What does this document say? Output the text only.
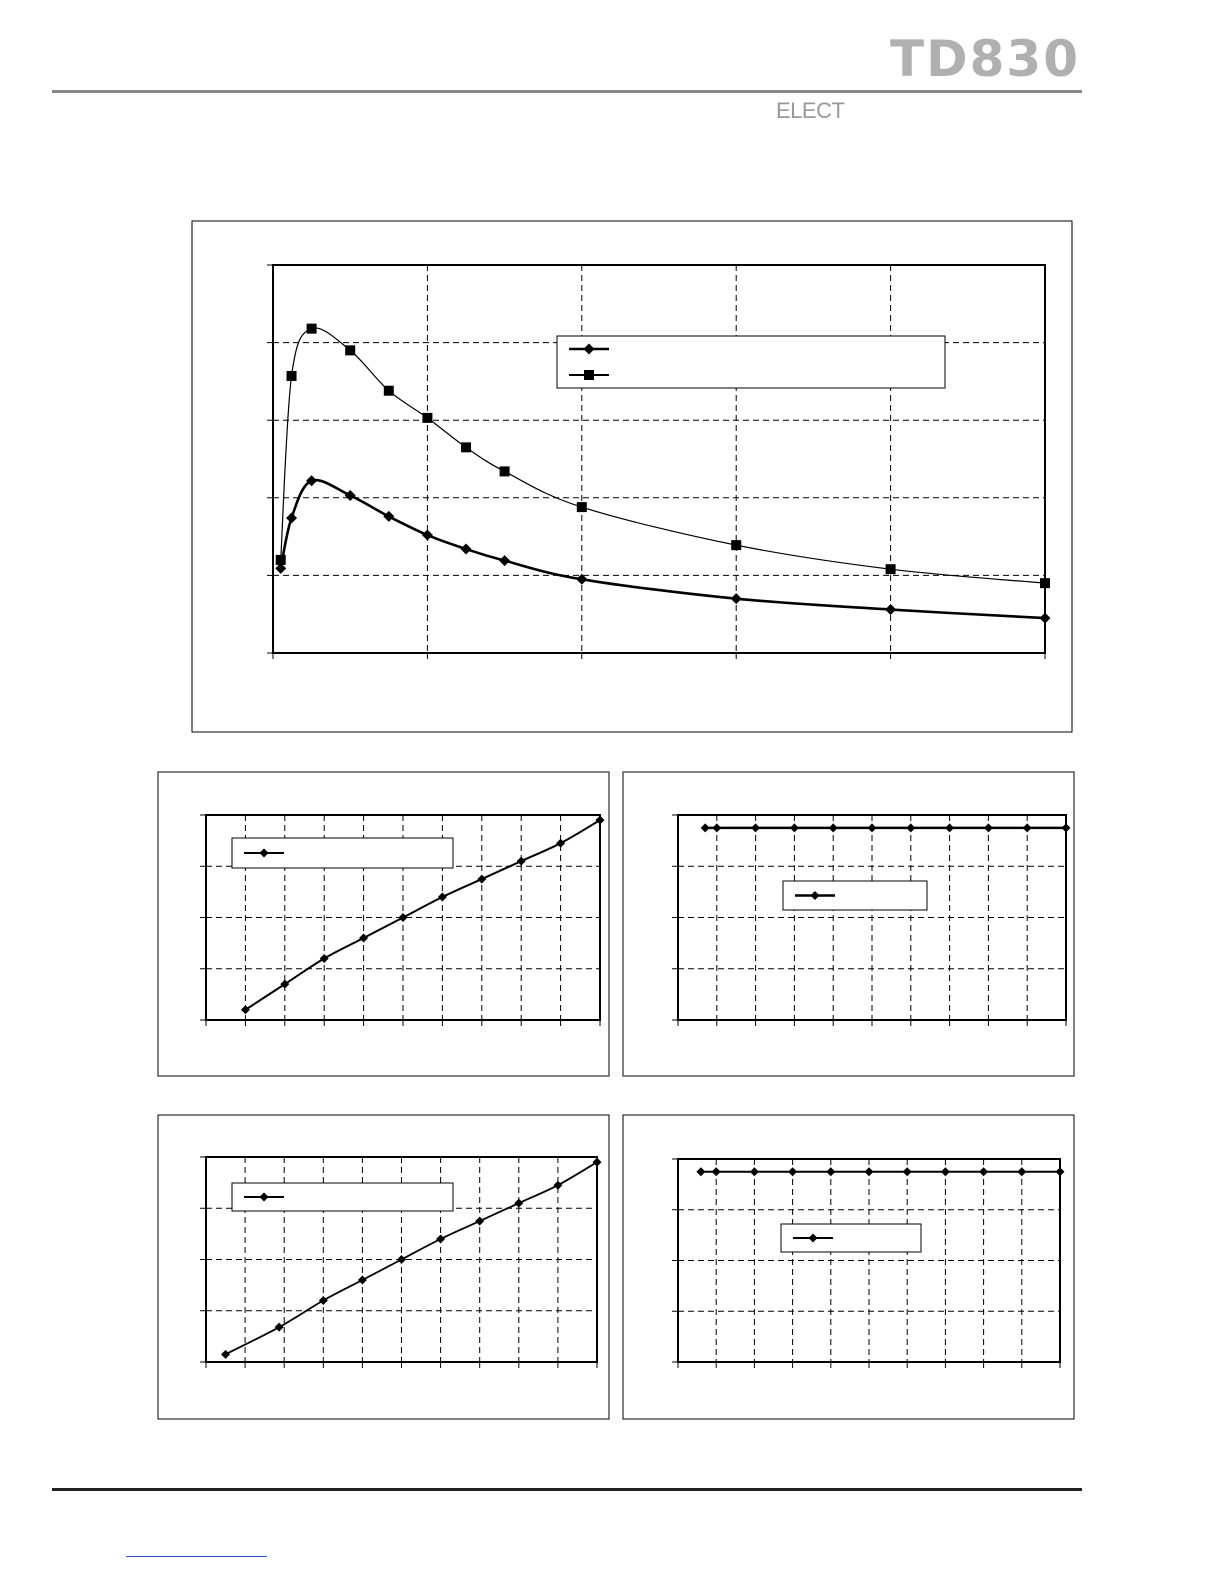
TD830
ELECT
